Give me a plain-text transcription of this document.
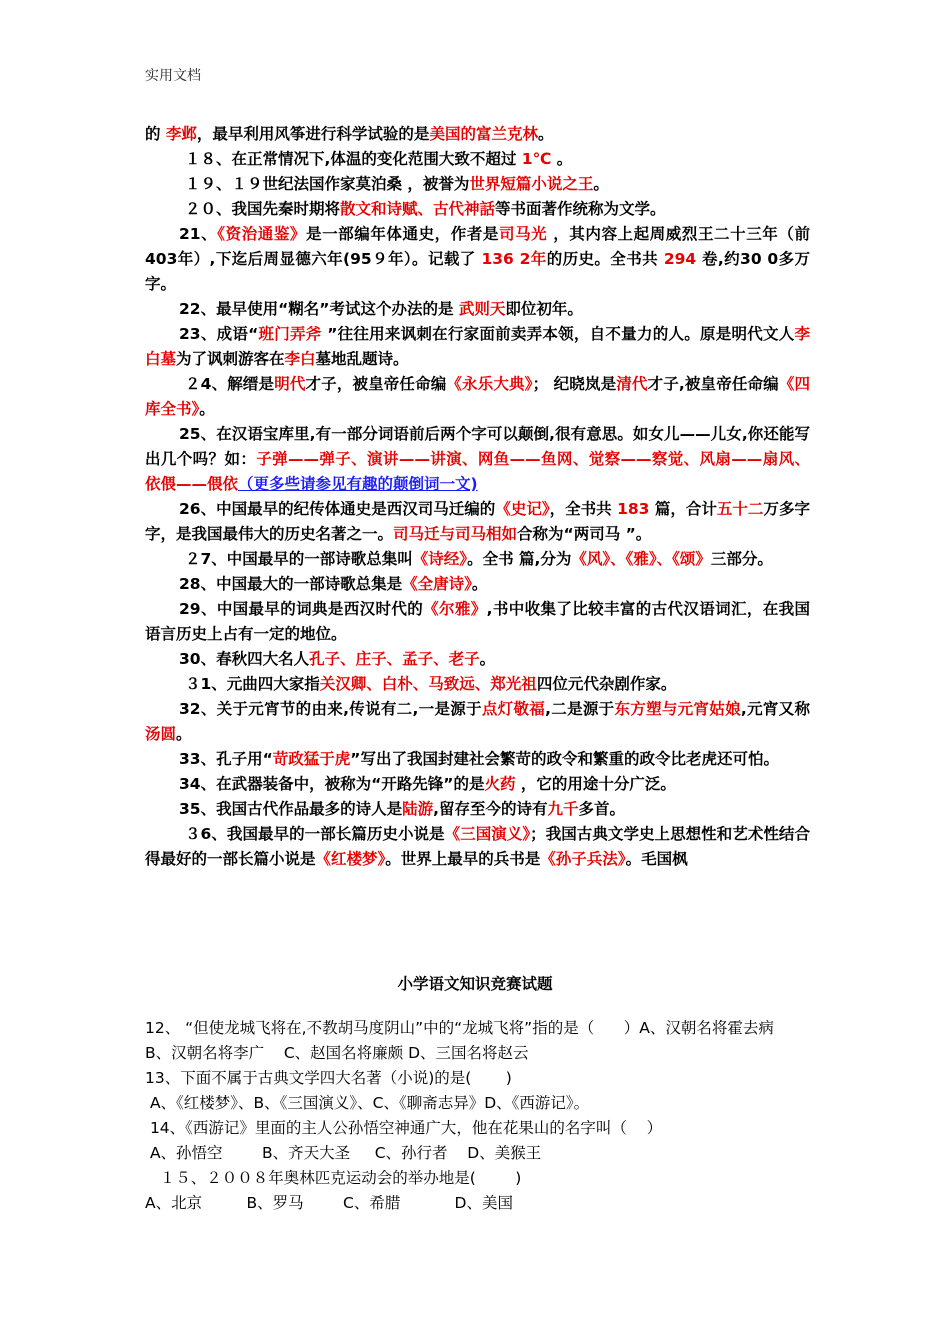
实用文档

的 李邺，最早利用风筝进行科学试验的是美国的富兰克林。

１８、在正常情况下,体温的变化范围大致不超过 1℃ 。

１９、１９世纪法国作家莫泊桑 ，被誉为世界短篇小说之王。

２０、我国先秦时期将散文和诗赋、古代神話等书面著作统称为文学。

21、《资治通鉴》是一部编年体通史，作者是司马光 ，其内容上起周威烈王二十三年（前403年）,下迄后周显德六年(95９年）。记载了 136 2年的历史。全书共 294 卷,约30 0多万字。

22、最早使用“糊名”考试这个办法的是 武则天即位初年。

23、成语“班门弄斧 ”往往用来讽刺在行家面前卖弄本领，自不量力的人。原是明代文人李白墓为了讽刺游客在李白墓地乱题诗。

２4、解缙是明代才子，被皇帝任命编《永乐大典》； 纪晓岚是清代才子,被皇帝任命编《四库全书》。

25、在汉语宝库里,有一部分词语前后两个字可以颠倒,很有意思。如女儿——儿女,你还能写出几个吗？如：子弹——弹子、演讲——讲演、网鱼——鱼网、觉察——察觉、风扇——扇风、依偎——偎依（更多些请参见有趣的颠倒词一文)

26、中国最早的纪传体通史是西汉司马迁编的《史记》，全书共 183 篇，合计五十二万多字字，是我国最伟大的历史名著之一。司马迁与司马相如合称为“两司马 ”。

２7、中国最早的一部诗歌总集叫《诗经》。全书 篇,分为《风》、《雅》、《颂》三部分。

28、中国最大的一部诗歌总集是《全唐诗》。

29、中国最早的词典是西汉时代的《尔雅》,书中收集了比较丰富的古代汉语词汇，在我国语言历史上占有一定的地位。

30、春秋四大名人孔子、庄子、孟子、老子。

３1、元曲四大家指关汉卿、白朴、马致远、郑光祖四位元代杂剧作家。

32、关于元宵节的由来,传说有二,一是源于点灯敬福,二是源于东方塑与元宵姑娘,元宵又称 汤圆。

33、孔子用“苛政猛于虎”写出了我国封建社会繁苛的政令和繁重的政令比老虎还可怕。

34、在武器装备中，被称为“开路先锋”的是火药 ，它的用途十分广泛。

35、我国古代作品最多的诗人是陆游,留存至今的诗有九千多首。

３6、我国最早的一部长篇历史小说是《三国演义》；我国古典文学史上思想性和艺术性结合得最好的一部长篇小说是《红楼梦》。世界上最早的兵书是《孙子兵法》。毛国枫

小学语文知识竞赛试题

12、 “但使龙城飞将在,不教胡马度阴山”中的“龙城飞将”指的是（      ）A、汉朝名将霍去病   B、汉朝名将李广    C、赵国名将廉颇 D、三国名将赵云

13、下面不属于古典文学四大名著（小说)的是(       )

A、《红楼梦》、B、《三国演义》、C、《聊斋志异》D、《西游记》。

14、《西游记》里面的主人公孙悟空神通广大，他在花果山的名字叫（    ）

A、孙悟空        B、齐天大圣     C、孙行者    D、美猴王

１５、２００８年奥林匹克运动会的举办地是(        )

A、北京         B、罗马        C、希腊           D、美国
